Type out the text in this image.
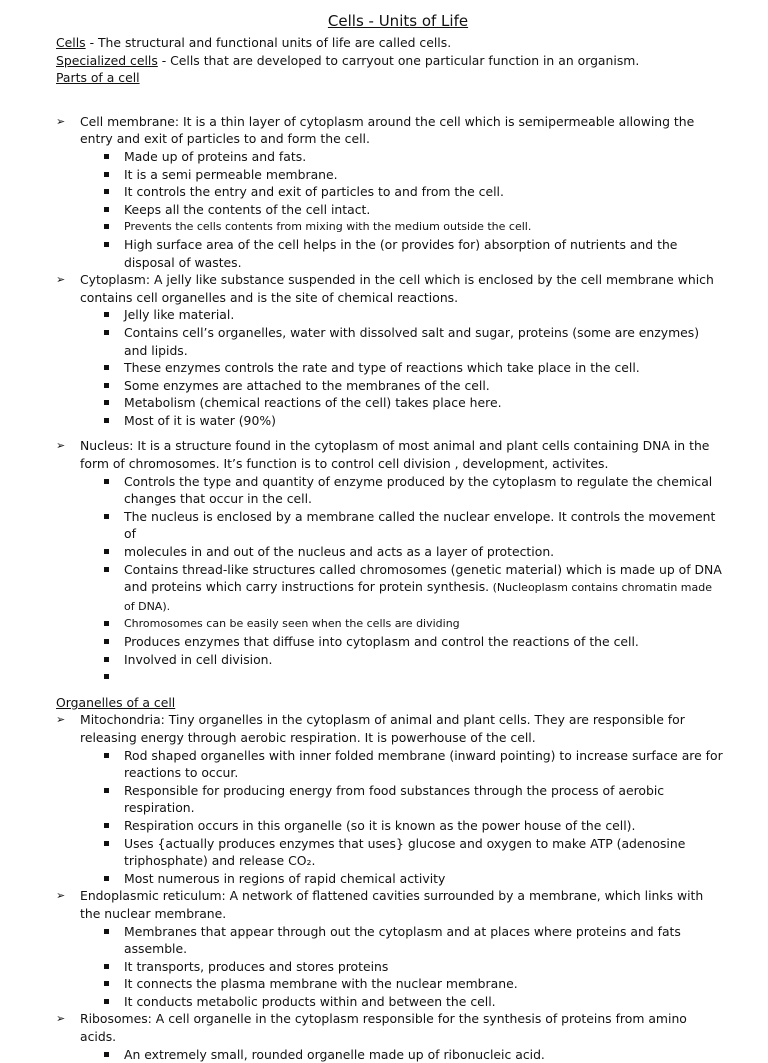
Cells - Units of Life

Cells - The structural and functional units of life are called cells.

Specialized cells - Cells that are developed to carryout one particular function in an organism.

Parts of a cell

➢ Cell membrane: It is a thin layer of cytoplasm around the cell which is semipermeable allowing the entry and exit of particles to and form the cell.
Made up of proteins and fats.
It is a semi permeable membrane.
It controls the entry and exit of particles to and from the cell.
Keeps all the contents of the cell intact.
Prevents the cells contents from mixing with the medium outside the cell.
High surface area of the cell helps in the (or provides for) absorption of nutrients and the disposal of wastes.
➢ Cytoplasm: A jelly like substance suspended in the cell which is enclosed by the cell membrane which contains cell organelles and is the site of chemical reactions.
Jelly like material.
Contains cell’s organelles, water with dissolved salt and sugar, proteins (some are enzymes) and lipids.
These enzymes controls the rate and type of reactions which take place in the cell.
Some enzymes are attached to the membranes of the cell.
Metabolism (chemical reactions of the cell) takes place here.
Most of it is water (90%)
➢ Nucleus: It is a structure found in the cytoplasm of most animal and plant cells containing DNA in the form of chromosomes. It’s function is to control cell division , development, activites.
Controls the type and quantity of enzyme produced by the cytoplasm to regulate the chemical changes that occur in the cell.
The nucleus is enclosed by a membrane called the nuclear envelope. It controls the movement of
molecules in and out of the nucleus and acts as a layer of protection.
Contains thread-like structures called chromosomes (genetic material) which is made up of DNA and proteins which carry instructions for protein synthesis. (Nucleoplasm contains chromatin made of DNA).
Chromosomes can be easily seen when the cells are dividing
Produces enzymes that diffuse into cytoplasm and control the reactions of the cell.
Involved in cell division.

Organelles of a cell

➢ Mitochondria: Tiny organelles in the cytoplasm of animal and plant cells. They are responsible for releasing energy through aerobic respiration. It is powerhouse of the cell.
Rod shaped organelles with inner folded membrane (inward pointing) to increase surface are for reactions to occur.
Responsible for producing energy from food substances through the process of aerobic respiration.
Respiration occurs in this organelle (so it is known as the power house of the cell).
Uses {actually produces enzymes that uses} glucose and oxygen to make ATP (adenosine triphosphate) and release CO₂.
Most numerous in regions of rapid chemical activity
➢ Endoplasmic reticulum: A network of flattened cavities surrounded by a membrane, which links with the nuclear membrane.
Membranes that appear through out the cytoplasm and at places where proteins and fats assemble.
It transports, produces and stores proteins
It connects the plasma membrane with the nuclear membrane.
It conducts metabolic products within and between the cell.
➢ Ribosomes: A cell organelle in the cytoplasm responsible for the synthesis of proteins from amino acids.
An extremely small, rounded organelle made up of ribonucleic acid.
